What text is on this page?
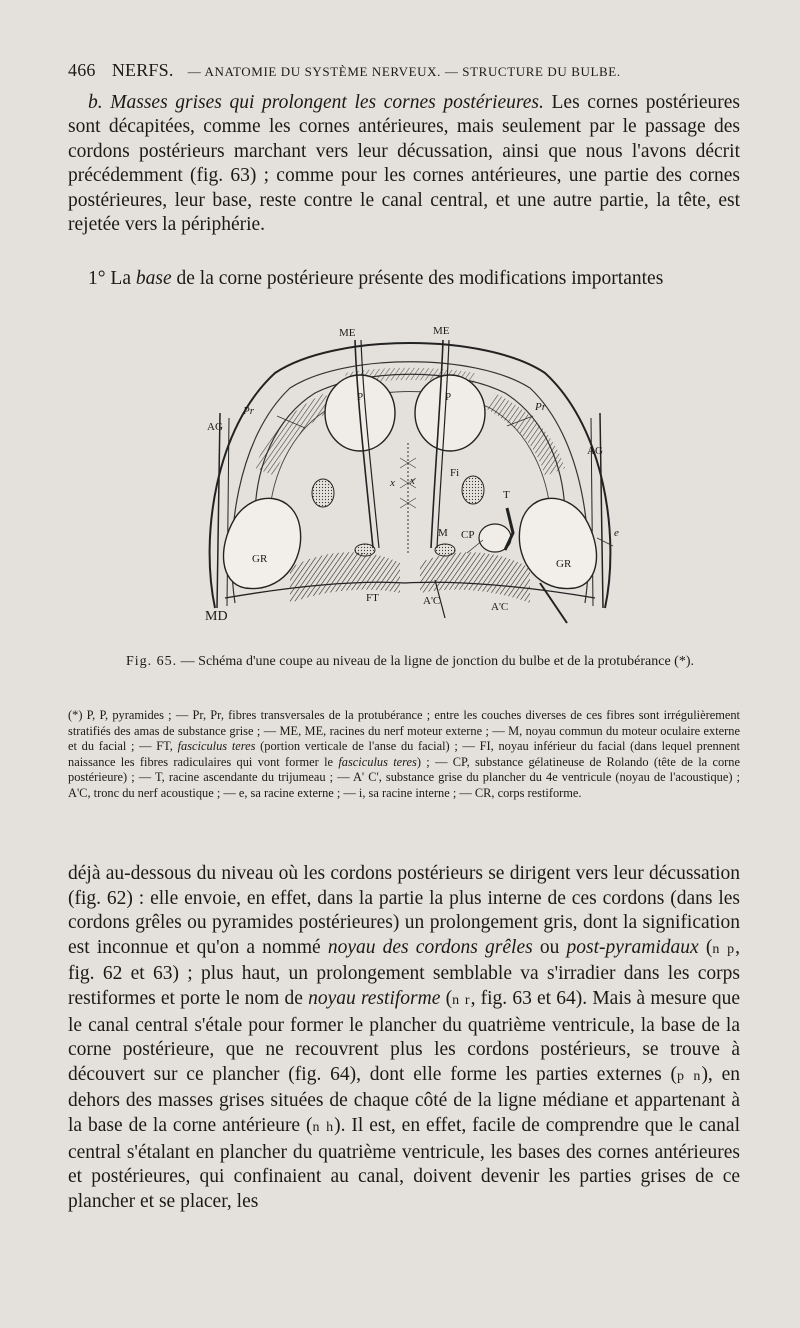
466 NERFS. — ANATOMIE DU SYSTÈME NERVEUX. — STRUCTURE DU BULBE.

b. Masses grises qui prolongent les cornes postérieures. Les cornes postérieures sont décapitées, comme les cornes antérieures, mais seulement par le passage des cordons postérieurs marchant vers leur décussation, ainsi que nous l'avons décrit précédemment (fig. 63) ; comme pour les cornes antérieures, une partie des cornes postérieures, leur base, reste contre le canal central, et une autre partie, la tête, est rejetée vers la périphérie.

1° La base de la corne postérieure présente des modifications importantes

ME	ME
Pr	Pr
P	P
AG
AG
x x
Fi
T
e
M CP
GR	GR
MD
FT	A'C	A'C

Fig. 65. — Schéma d'une coupe au niveau de la ligne de jonction du bulbe et de la protubérance (*).

(*) P, P, pyramides ; — Pr, Pr, fibres transversales de la protubérance ; entre les couches diverses de ces fibres sont irrégulièrement stratifiés des amas de substance grise ; — ME, ME, racines du nerf moteur externe ; — M, noyau commun du moteur oculaire externe et du facial ; — FT, fasciculus teres (portion verticale de l'anse du facial) ; — FI, noyau inférieur du facial (dans lequel prennent naissance les fibres radiculaires qui vont former le fasciculus teres) ; — CP, substance gélatineuse de Rolando (tête de la corne postérieure) ; — T, racine ascendante du trijumeau ; — A' C', substance grise du plancher du 4e ventricule (noyau de l'acoustique) ; A'C, tronc du nerf acoustique ; — e, sa racine externe ; — i, sa racine interne ; — CR, corps restiforme.

déjà au-dessous du niveau où les cordons postérieurs se dirigent vers leur décussation (fig. 62) : elle envoie, en effet, dans la partie la plus interne de ces cordons (dans les cordons grêles ou pyramides postérieures) un prolongement gris, dont la signification est inconnue et qu'on a nommé noyau des cordons grêles ou post-pyramidaux (n p, fig. 62 et 63) ; plus haut, un prolongement semblable va s'irradier dans les corps restiformes et porte le nom de noyau restiforme (n r, fig. 63 et 64). Mais à mesure que le canal central s'étale pour former le plancher du quatrième ventricule, la base de la corne postérieure, que ne recouvrent plus les cordons postérieurs, se trouve à découvert sur ce plancher (fig. 64), dont elle forme les parties externes (p n), en dehors des masses grises situées de chaque côté de la ligne médiane et appartenant à la base de la corne antérieure (n h). Il est, en effet, facile de comprendre que le canal central s'étalant en plancher du quatrième ventricule, les bases des cornes antérieures et postérieures, qui confinaient au canal, doivent devenir les parties grises de ce plancher et se placer, les
